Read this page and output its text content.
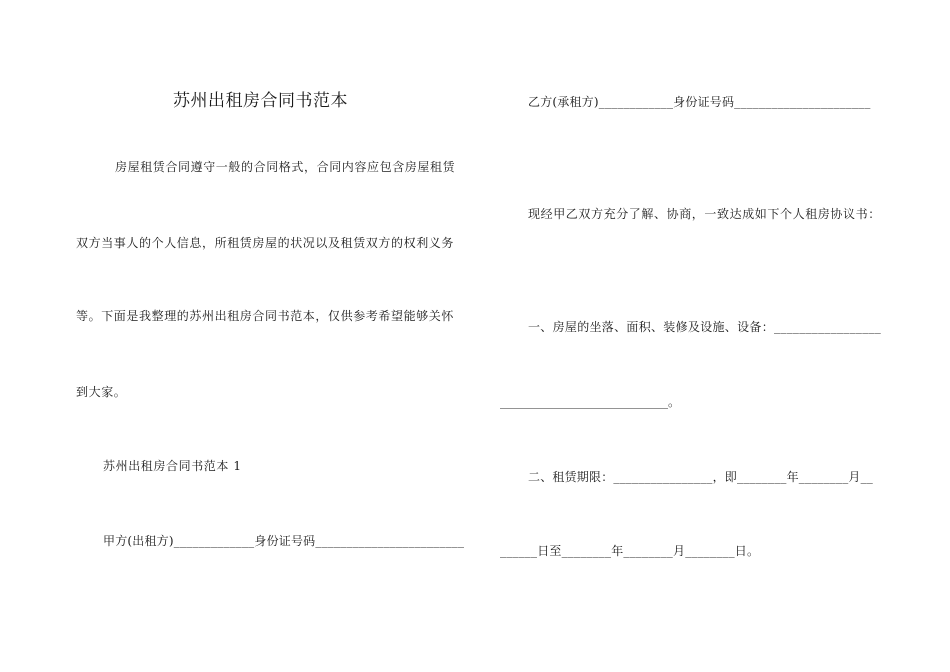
苏州出租房合同书范本
房屋租赁合同遵守一般的合同格式，合同内容应包含房屋租赁
双方当事人的个人信息，所租赁房屋的状况以及租赁双方的权利义务
等。下面是我整理的苏州出租房合同书范本，仅供参考希望能够关怀
到大家。
苏州出租房合同书范本 1
甲方(出租方)_____________身份证号码________________________
乙方(承租方)____________身份证号码______________________
现经甲乙双方充分了解、协商，一致达成如下个人租房协议书：
一、房屋的坐落、面积、装修及设施、设备：_________________
____________________________。
二、租赁期限：________________，即________年________月__
______日至________年________月________日。
